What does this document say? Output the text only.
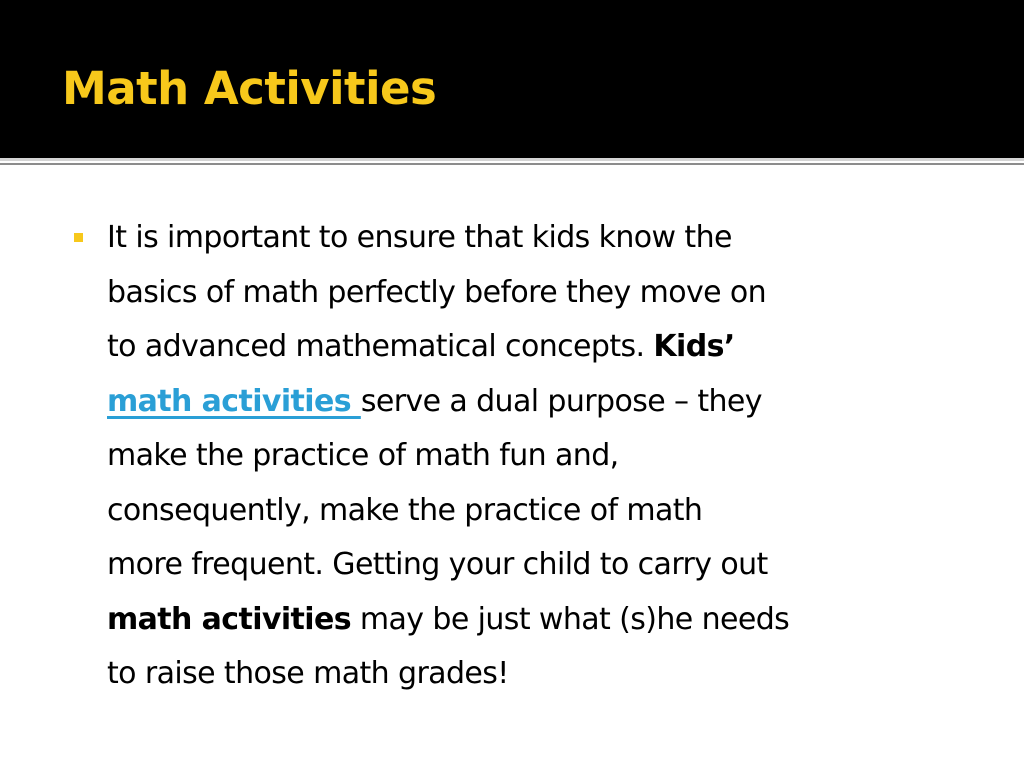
Math Activities

It is important to ensure that kids know the
basics of math perfectly before they move on
to advanced mathematical concepts. Kids’
math activities serve a dual purpose – they
make the practice of math fun and,
consequently, make the practice of math
more frequent. Getting your child to carry out
math activities may be just what (s)he needs
to raise those math grades!
